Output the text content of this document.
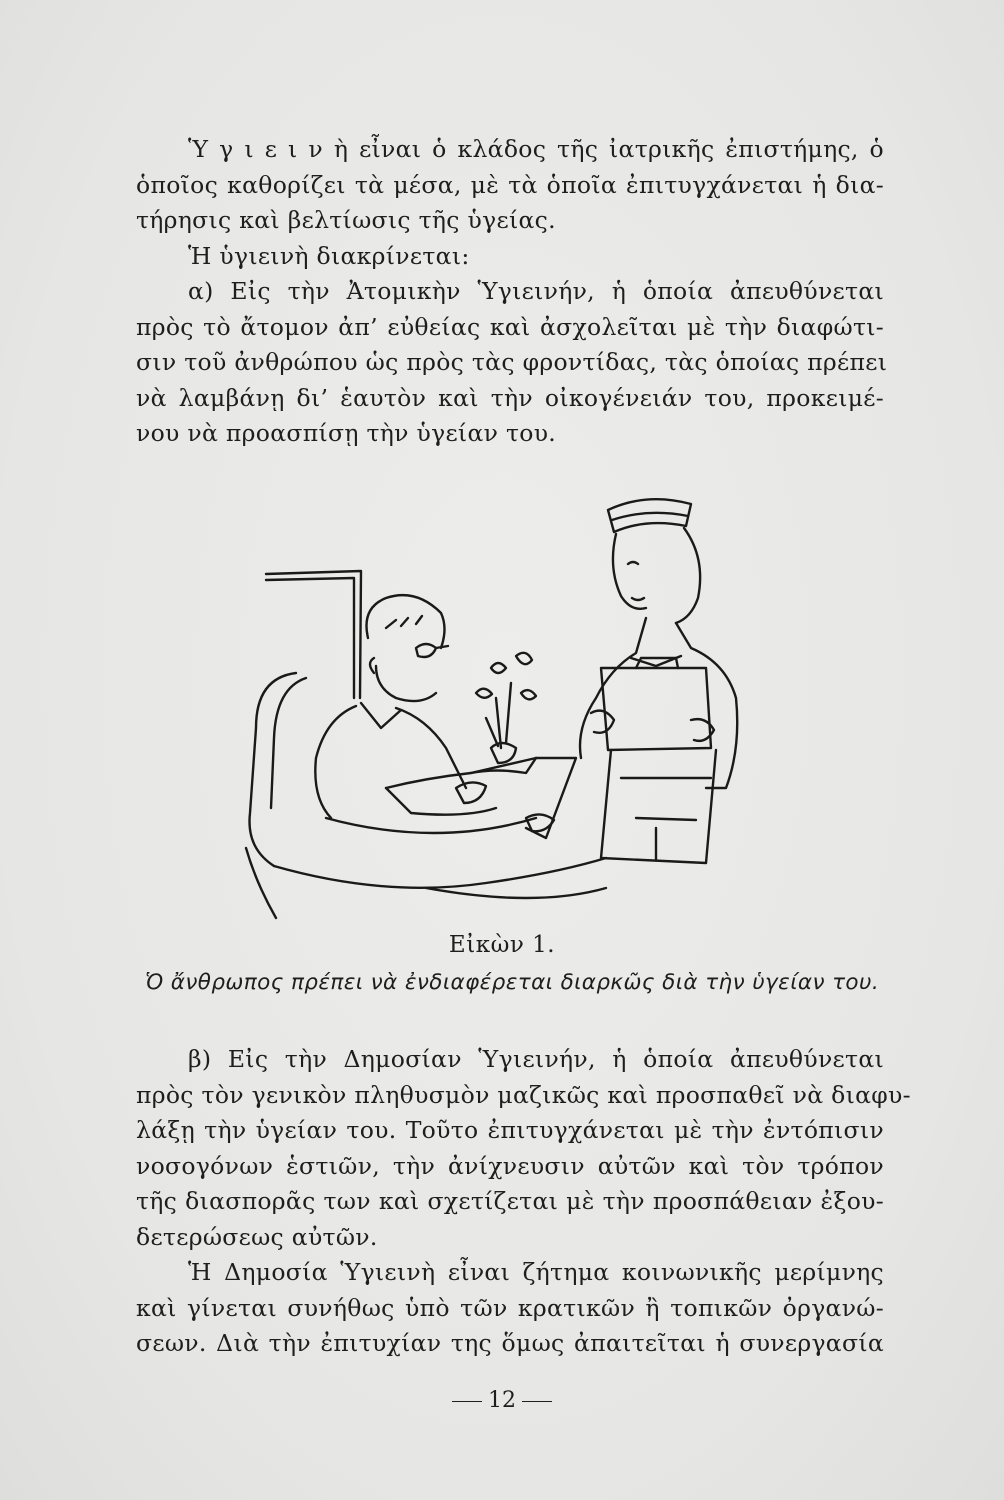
Ὑ γ ι ε ι ν ὴ εἶναι ὁ κλάδος τῆς ἰατρικῆς ἐπιστήμης, ὁ
ὁποῖος καθορίζει τὰ μέσα, μὲ τὰ ὁποῖα ἐπιτυγχάνεται ἡ δια-
τήρησις καὶ βελτίωσις τῆς ὑγείας.
Ἡ ὑγιεινὴ διακρίνεται:
α) Εἰς τὴν Ἀτομικὴν Ὑγιεινήν, ἡ ὁποία ἀπευθύνεται
πρὸς τὸ ἄτομον ἀπ’ εὐθείας καὶ ἀσχολεῖται μὲ τὴν διαφώτι-
σιν τοῦ ἀνθρώπου ὡς πρὸς τὰς φροντίδας, τὰς ὁποίας πρέπει
νὰ λαμβάνῃ δι’ ἑαυτὸν καὶ τὴν οἰκογένειάν του, προκειμέ-
νου νὰ προασπίσῃ τὴν ὑγείαν του.
Εἰκὼν 1.
Ὁ ἄνθρωπος πρέπει νὰ ἐνδιαφέρεται διαρκῶς διὰ τὴν ὑγείαν του.
β) Εἰς τὴν Δημοσίαν Ὑγιεινήν, ἡ ὁποία ἀπευθύνεται
πρὸς τὸν γενικὸν πληθυσμὸν μαζικῶς καὶ προσπαθεῖ νὰ διαφυ-
λάξῃ τὴν ὑγείαν του. Τοῦτο ἐπιτυγχάνεται μὲ τὴν ἐντόπισιν
νοσογόνων ἑστιῶν, τὴν ἀνίχνευσιν αὐτῶν καὶ τὸν τρόπον
τῆς διασπορᾶς των καὶ σχετίζεται μὲ τὴν προσπάθειαν ἐξου-
δετερώσεως αὐτῶν.
Ἡ Δημοσία Ὑγιεινὴ εἶναι ζήτημα κοινωνικῆς μερίμνης
καὶ γίνεται συνήθως ὑπὸ τῶν κρατικῶν ἢ τοπικῶν ὀργανώ-
σεων. Διὰ τὴν ἐπιτυχίαν της ὅμως ἀπαιτεῖται ἡ συνεργασία
12
